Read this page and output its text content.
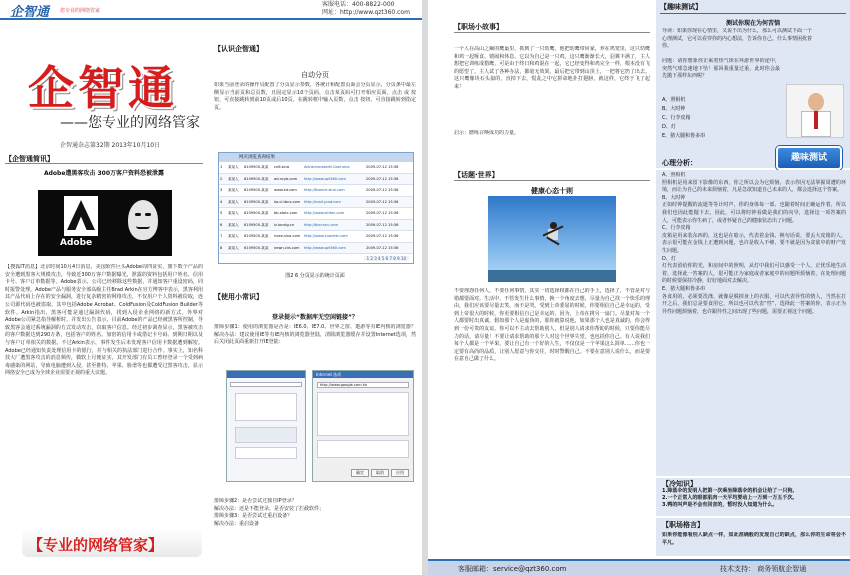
企智通 您专业的网络管家
客服电话：400-8822-000
网址：http://www.qzt360.com
企智通
——您专业的网络管家
企智通杂志第32期 2013年10月10日
【企智通简讯】
Adobe遭黑客攻击 300万客户资料恐被泄露
Adobe
【搜狐IT消息】北京时间10月4日消息，美国软件巨头Adobe周四证实，旗下数个产品的安全遭到黑客大规模攻击，导致近300万客户数据曝光，泄露的资料包括用户姓名、信用卡号、客户订单数据等。Adobe表示，公司已经移除这些数据，并通知客户重设密码，同时报警处理。Adobe产品与服务安全部高级主任Brad Arkin在官方博客中表示，黑客利用其产品代码上存在的安全漏洞，进行复杂精密的网络攻击，不仅用户个人资料被窃取，连公司源代码也被盗取。其中包括Adobe Acrobat、ColdFusion及ColdFusion Builder等软件。Arkin指出，黑客可能是通过漏洞代码，找到入侵企业网络的新方式。外界对Adobe公司紧急指导解析时，并发出公告表示，目前Adobe的产品已经被黑客所控制，导致黑客会通过系统漏洞的方式发动攻击，窃取客户信息。经过初步调查显示，黑客被攻击的客户数据达到290万条，包括客户的姓名、加密的信用卡或借记卡号码、到期日期以及与客户订单相关的数据。不过Arkin表示，事件发生后未发现客户信用卡数据遭到解密。Adobe已经通知负责处理信用卡的银行，并与相关的执法部门进行合作。事实上，知名科技大厂遭黑客攻击的消息频传，微软上月便证实，其开发部门有员工曾经登录一个受到病毒感染的网站，导致电脑遭到入侵，甚至推特、苹果、脸谱等也都遭受过黑客攻击，显示网络安全已成为全球企业需要正视的重大议题。
【专业的网络管家】
【认识企智通】
自动分页
如果当前登录的操作员配置了分页显示参数，各统计和配置页面会分页显示，分页条中最左侧显示当前页和总页数，且固定显示10个页码，点击某页码可打开相应页面，点击 或 按钮，可直接跳转到前10页或后10页，在跳转框中输入页数，点击 按钮，可直接跳转到指定页。
网页浏览查询结果
1	某某人	6109500-某某	cn6.sina	Adcisrnsnasertt.Gser.sina	2009-07-12 15:36
2	某某人	6109500-某某	ad.ncyb.com	http://www.qzt360.com	2009-07-12 15:36
3	某某人	6109500-某某	www.kd.com	http://tbonce.sina.com	2009-07-12 15:36
4	某某人	6109500-某某	ka.ci.tbnz.com	http://mail.ycsd.com	2009-07-12 15:36
5	某某人	6109500-某某	bb.stotc.com	http://www.sintec.com	2009-07-12 15:36
6	某某人	6109500-某某	iz.iocstg.cn	http://tbccnnc.com	2009-07-12 15:36
7	某某人	6109500-某某	nvee.sina.com	http://www.cnanetc.com	2009-07-12 15:36
8	某某人	6109500-某某	newn.ciis.com	http://www.qzt360.com	2009-07-12 15:36
1 2 3 4 5 6 7 8 9 10
图2 6 分页显示的统计页面
【使用小常识】
登录提示“数据库无空闲链接”？
排障步骤1：使用的浏览器是否是：IE6.0、IE7.0、世界之窗、遨游等有IE内核的浏览器？解决办法：建议使用IE等有IE内核的浏览器登陆，清除浏览器缓存并设置Internet选项，然后关闭此页面重新打开IE登陆：
Internet 选项
http://www.google.com.hk
确定	取消	应用
排障步骤2：是否尝试过独自IP登录？
解决办法：还是不能登录，是否安装了拦截软件；
排障步骤3：是否尝试过重启设备？
解决办法：重启设备
【职场小故事】
一个人在高山之巅的鹰巢里，抓到了一只幼鹰，他把幼鹰带回家，养在鸡笼里，这只幼鹰和鸡一起啄食、嬉闹和休息。它以为自己是一只鸡。这只鹰渐渐长大，羽翼丰满了，主人想把它训练成猎鹰，可是由于终日和鸡混在一起，它已经变得和鸡完全一样，根本没有飞的愿望了。主人试了各种办法，都毫无效果，最后把它带到山顶上，一把将它扔了出去。这只鹰像块石头似的，直掉下去，慌乱之中它拼命地扑打翅膀，就这样，它终于飞了起来！
启示：磨练召唤成功的力量。
【话题·世界】
健康心态十则
不要埋怨任何人，不要任何事情，其实一切选择权都在自己的手上，选择了，不管是对与错都要面对。生活中，不管发生什么事情，换一个角度去想，尽量为自己找一个快乐的理由，我们应该要尽量去笑，而不是哭。受到上帝委屈的时候，你要相信自己是幸运的，受到上帝很大的时候，你更要相信自己是幸运的，因为，上帝在挑另一扇门。尽量对每一个人都要时出真诚，假如那个人是虚伪的，那你就算说他，如果那个人也是真诚的，你会得到一份可贵的友谊。你可以不主动去帮助别人，但是别人请求你帮助的时候，只要你能尽力的话，请尽量！不要让请求帮助的那个人对这个世界失望，也包括你自己。有人说我们每个人都是一个苹果，要让自己有一个好的人生，不仅仅是一个苹果这么简单……你也一定要有高尚的品质，让别人愿意与你交往，时时警醒自己。不要在意别人说什么，而是要在意自己做了什么。
【趣味测试】
测试你现在为何苦恼
导读：如果你现在心情里，又说不出为什么，那么可以测试下面一个心理测试，它可以看穿你的内心想法，告诉你自己，什么事情困扰着你。
问题：请你想象你正乘着热气球在环游世界的途中，突然气球急速地下坠！那回我重量过重，此时你会最先抛下那样东西呢？
A、照相机
B、大时钟
C、行李皮箱
D、灯
E、猪大腿和鲁多串
趣味测试
心理分析：
A、照相机
照相机是用来留下影像的东西，你之所以会为它烦恼，表示你因无法掌握周遭的环境，而让为自己的未来烦恼着，凡是急欲知道自己未来的人，都会选择这个答案。
B、大时钟
正如时钟提醒的流逝等等计时声，你的身体每一部、也随着时间正确运作着，所以我们也因此能抛下去。因此，可以将时钟看做是我们的向导，选择这一项答案的人，可能表示你生病了，或者怀疑自己的健康状态出了问题。
C、行李皮箱
皮箱是用来装东西的，这也是在暗示，代表着金钱、换句话说，要丢大皮箱的人，表示很可能在金钱上正遭到问题，也许是收入不够，要不就是因为贪欲中的财产发生问题。
D、灯
灯代表留给你的光，和房间中的照明，从灯中我们可以感受一个人，正忧乐地生活着，选择此一答案的人，很可能正为家庭或者家庭中的问题所烦恼着，在处理问题的时候要保持冷静，好好地面对去解决。
E、猪大腿和鲁多串
各食用的，必须要洗涤，就像是脱掉身上的衣服，可以代表异性的情人，当然在打开之后，我们总是要食用它，所以也可以代表“性”，选择此一答案的你，表示正为异性问题烦恼着，也许跟异性之间出现了些问题，需要正视这个问题。
【冷知识】
1.降落伞的发明人把第一次乘坐降落伞的机会让给了一只狗。
2.一个正常人的眼部肌肉一天平均要动上一万到一万五千次。
3.鸭的叫声是不会有回音的，暂时没人知道为什么。
【职场格言】
如果你能像看别人缺点一样，如此准确般的发现自己的缺点，那么你的生命将会不平凡。
客服邮箱：service@qzt360.com	技术支持： 商务领航企智通
